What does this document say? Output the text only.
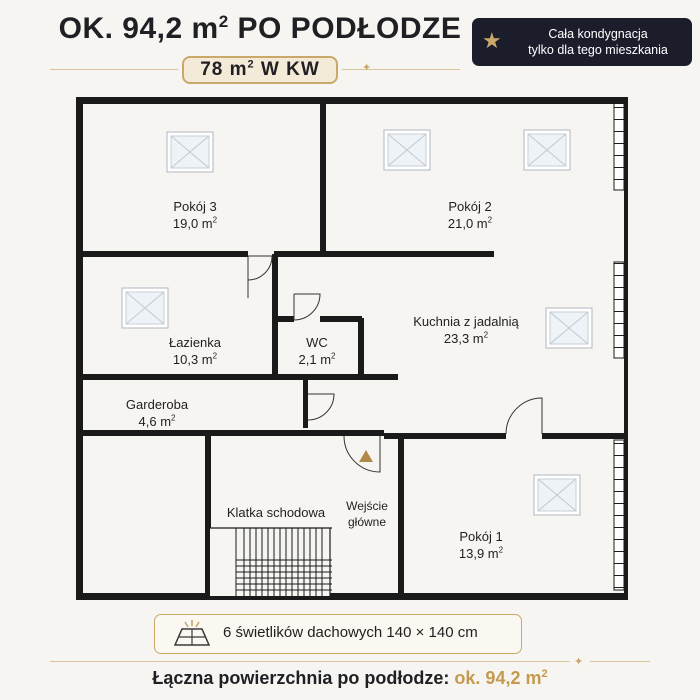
OK. 94,2 $m^2$ PO PODŁODZE
78 $m^2$ W KW	✦
★	Cała kondygnacja
tylko dla tego mieszkania
Pokój 3
19,0 $m^2$
Pokój 2
21,0 $m^2$
Łazienka
10,3 $m^2$
WC
2,1 $m^2$
Kuchnia z jadalnią
23,3 $m^2$
Garderoba
4,6 $m^2$
Klatka schodowa	Wejście
główne
Pokój 1
13,9 $m^2$
6 świetlików dachowych 140 × 140 cm
✦
Łączna powierzchnia po podłodze: ok. 94,2 $m^2$
